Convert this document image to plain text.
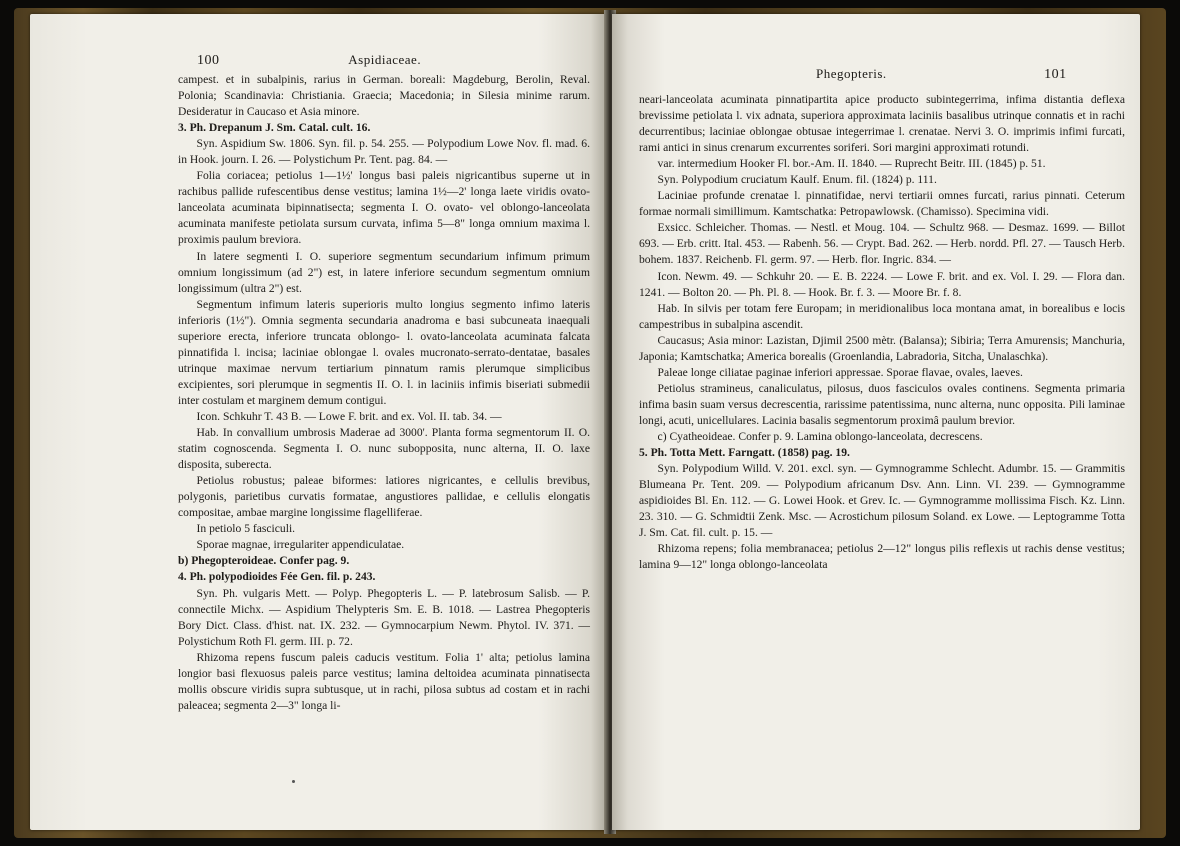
100	Aspidiaceae.

campest. et in subalpinis, rarius in German. boreali: Magdeburg, Berolin, Reval. Polonia; Scandinavia: Christiania. Graecia; Macedonia; in Silesia minime rarum. Desideratur in Caucaso et Asia minore.

3. Ph. Drepanum J. Sm. Catal. cult. 16.

Syn. Aspidium Sw. 1806. Syn. fil. p. 54. 255. — Polypodium Lowe Nov. fl. mad. 6. in Hook. journ. I. 26. — Polystichum Pr. Tent. pag. 84. —

Folia coriacea; petiolus 1—1½' longus basi paleis nigricantibus superne ut in rachibus pallide rufescentibus dense vestitus; lamina 1½—2' longa laete viridis ovato-lanceolata acuminata bipinnatisecta; segmenta I. O. ovato- vel oblongo-lanceolata acuminata manifeste petiolata sursum curvata, infima 5—8" longa omnium maxima l. proximis paulum breviora.

In latere segmenti I. O. superiore segmentum secundarium infimum primum omnium longissimum (ad 2") est, in latere inferiore secundum segmentum omnium longissimum (ultra 2") est.

Segmentum infimum lateris superioris multo longius segmento infimo lateris inferioris (1½"). Omnia segmenta secundaria anadroma e basi subcuneata inaequali superiore erecta, inferiore truncata oblongo- l. ovato-lanceolata acuminata falcata pinnatifida l. incisa; laciniae oblongae l. ovales mucronato-serrato-dentatae, basales utrinque maximae nervum tertiarium pinnatum ramis plerumque simplicibus excipientes, sori plerumque in segmentis II. O. l. in laciniis infimis biseriati submedii inter costulam et marginem demum contigui.

Icon. Schkuhr T. 43 B. — Lowe F. brit. and ex. Vol. II. tab. 34. —

Hab. In convallium umbrosis Maderae ad 3000'. Planta forma segmentorum II. O. statim cognoscenda. Segmenta I. O. nunc subopposita, nunc alterna, II. O. laxe disposita, suberecta.

Petiolus robustus; paleae biformes: latiores nigricantes, e cellulis brevibus, polygonis, parietibus curvatis formatae, angustiores pallidae, e cellulis elongatis compositae, ambae margine longissime flagelliferae.

In petiolo 5 fasciculi.

Sporae magnae, irregulariter appendiculatae.

b) Phegopteroideae. Confer pag. 9.

4. Ph. polypodioides Fée Gen. fil. p. 243.

Syn. Ph. vulgaris Mett. — Polyp. Phegopteris L. — P. latebrosum Salisb. — P. connectile Michx. — Aspidium Thelypteris Sm. E. B. 1018. — Lastrea Phegopteris Bory Dict. Class. d'hist. nat. IX. 232. — Gymnocarpium Newm. Phytol. IV. 371. — Polystichum Roth Fl. germ. III. p. 72.

Rhizoma repens fuscum paleis caducis vestitum. Folia 1' alta; petiolus lamina longior basi flexuosus paleis parce vestitus; lamina deltoidea acuminata pinnatisecta mollis obscure viridis supra subtusque, ut in rachi, pilosa subtus ad costam et in rachi paleacea; segmenta 2—3" longa li-

Phegopteris.	101

neari-lanceolata acuminata pinnatipartita apice producto subintegerrima, infima distantia deflexa brevissime petiolata l. vix adnata, superiora approximata laciniis basalibus utrinque connatis et in rachi decurrentibus; laciniae oblongae obtusae integerrimae l. crenatae. Nervi 3. O. imprimis infimi furcati, rami antici in sinus crenarum excurrentes soriferi. Sori margini approximati rotundi.

var. intermedium Hooker Fl. bor.-Am. II. 1840. — Ruprecht Beitr. III. (1845) p. 51.

Syn. Polypodium cruciatum Kaulf. Enum. fil. (1824) p. 111.

Laciniae profunde crenatae l. pinnatifidae, nervi tertiarii omnes furcati, rarius pinnati. Ceterum formae normali simillimum. Kamtschatka: Petropawlowsk. (Chamisso). Specimina vidi.

Exsicc. Schleicher. Thomas. — Nestl. et Moug. 104. — Schultz 968. — Desmaz. 1699. — Billot 693. — Erb. critt. Ital. 453. — Rabenh. 56. — Crypt. Bad. 262. — Herb. nordd. Pfl. 27. — Tausch Herb. bohem. 1837. Reichenb. Fl. germ. 97. — Herb. flor. Ingric. 834. —

Icon. Newm. 49. — Schkuhr 20. — E. B. 2224. — Lowe F. brit. and ex. Vol. I. 29. — Flora dan. 1241. — Bolton 20. — Ph. Pl. 8. — Hook. Br. f. 3. — Moore Br. f. 8.

Hab. In silvis per totam fere Europam; in meridionalibus loca montana amat, in borealibus e locis campestribus in subalpina ascendit.

Caucasus; Asia minor: Lazistan, Djimil 2500 mètr. (Balansa); Sibiria; Terra Amurensis; Manchuria, Japonia; Kamtschatka; America borealis (Groenlandia, Labradoria, Sitcha, Unalaschka).

Paleae longe ciliatae paginae inferiori appressae. Sporae flavae, ovales, laeves.

Petiolus stramineus, canaliculatus, pilosus, duos fasciculos ovales continens. Segmenta primaria infima basin suam versus decrescentia, rarissime patentissima, nunc alterna, nunc opposita. Pili laminae longi, acuti, unicellulares. Lacinia basalis segmentorum proximâ paulum brevior.

c) Cyatheoideae. Confer p. 9. Lamina oblongo-lanceolata, decrescens.

5. Ph. Totta Mett. Farngatt. (1858) pag. 19.

Syn. Polypodium Willd. V. 201. excl. syn. — Gymnogramme Schlecht. Adumbr. 15. — Grammitis Blumeana Pr. Tent. 209. — Polypodium africanum Dsv. Ann. Linn. VI. 239. — Gymnogramme aspidioides Bl. En. 112. — G. Lowei Hook. et Grev. Ic. — Gymnogramme mollissima Fisch. Kz. Linn. 23. 310. — G. Schmidtii Zenk. Msc. — Acrostichum pilosum Soland. ex Lowe. — Leptogramme Totta J. Sm. Cat. fil. cult. p. 15. —

Rhizoma repens; folia membranacea; petiolus 2—12" longus pilis reflexis ut rachis dense vestitus; lamina 9—12" longa oblongo-lanceolata
